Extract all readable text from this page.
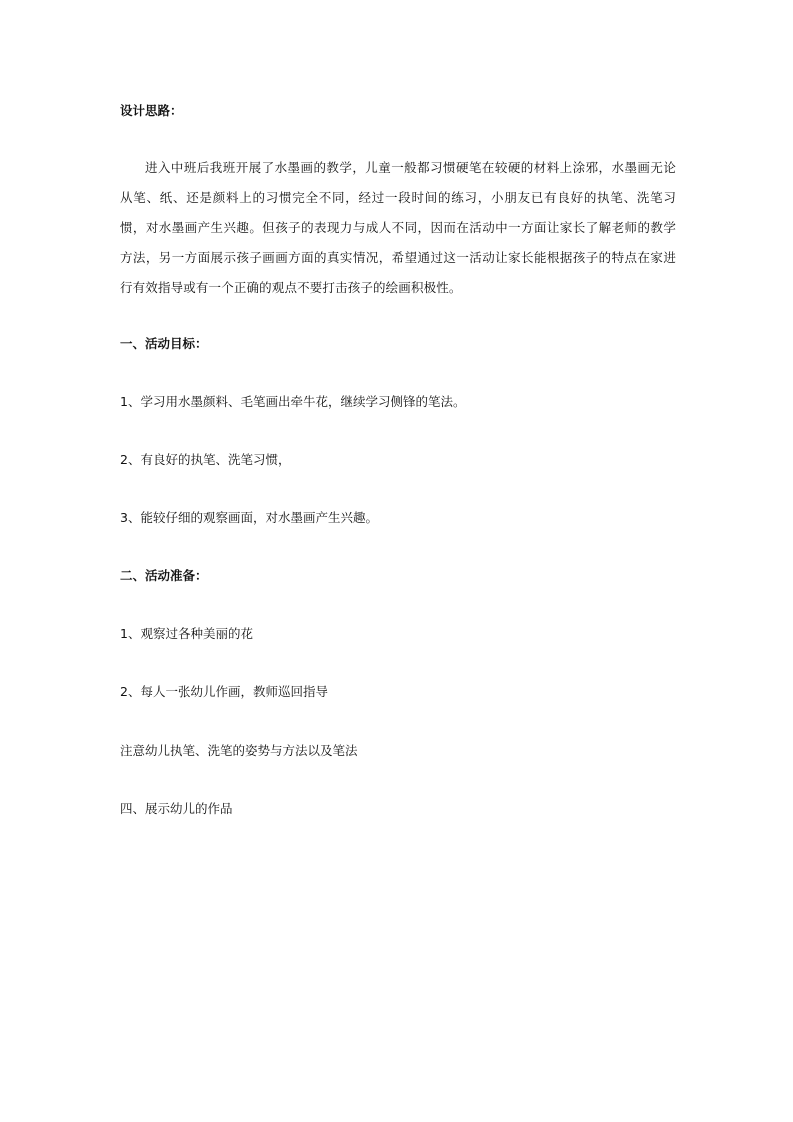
设计思路：

进入中班后我班开展了水墨画的教学，儿童一般都习惯硬笔在较硬的材料上涂邪，水墨画无论从笔、纸、还是颜料上的习惯完全不同，经过一段时间的练习，小朋友已有良好的执笔、洗笔习惯，对水墨画产生兴趣。但孩子的表现力与成人不同，因而在活动中一方面让家长了解老师的教学方法，另一方面展示孩子画画方面的真实情况，希望通过这一活动让家长能根据孩子的特点在家进行有效指导或有一个正确的观点不要打击孩子的绘画积极性。

一、活动目标：

1、学习用水墨颜料、毛笔画出牵牛花，继续学习侧锋的笔法。

2、有良好的执笔、洗笔习惯，

3、能较仔细的观察画面，对水墨画产生兴趣。

二、活动准备：

1、观察过各种美丽的花

2、每人一张幼儿作画，教师巡回指导

注意幼儿执笔、洗笔的姿势与方法以及笔法

四、展示幼儿的作品
